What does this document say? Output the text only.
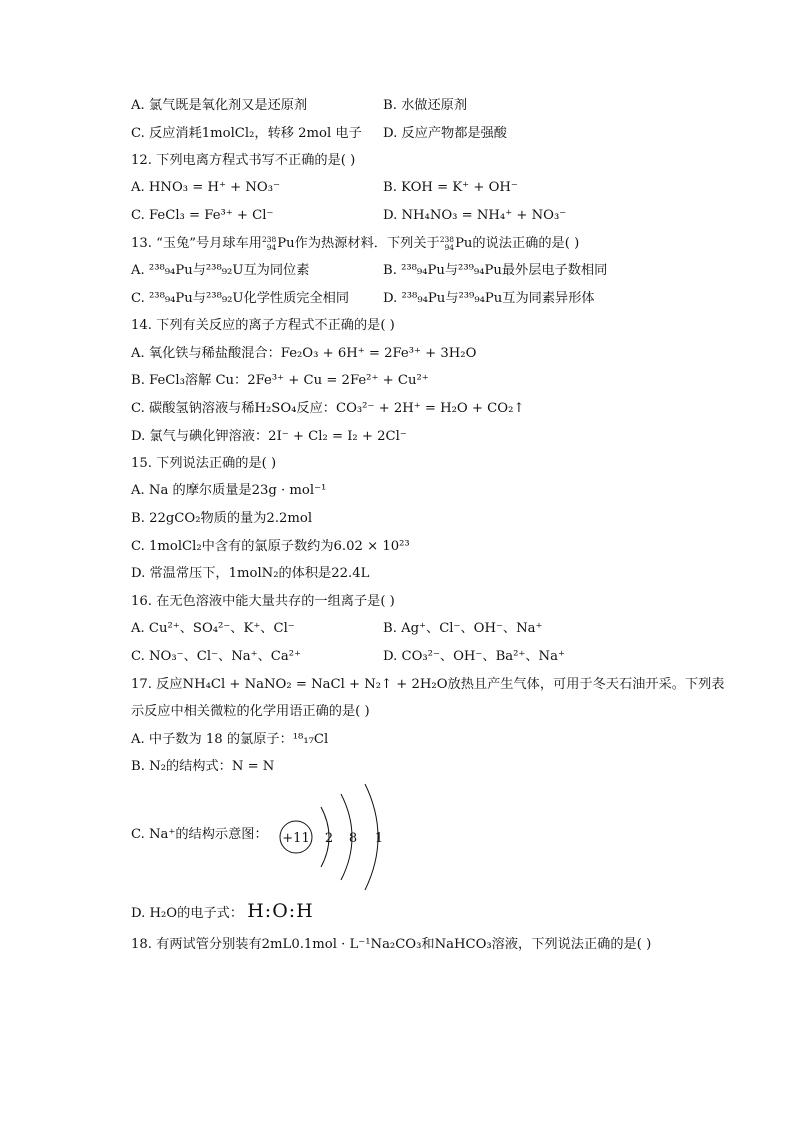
A. 氯气既是氧化剂又是还原剂	B. 水做还原剂
C. 反应消耗1molCl₂，转移 2mol 电子 D. 反应产物都是强酸
12. 下列电离方程式书写不正确的是( )
A. HNO₃ = H⁺ + NO₃⁻	B. KOH = K⁺ + OH⁻
C. FeCl₃ = Fe³⁺ + Cl⁻	D. NH₄NO₃ = NH₄⁺ + NO₃⁻
13. “玉兔”号月球车用 238
94 Pu作为热源材料．下列关于 238
94 Pu的说法正确的是( )
A. ²³⁸₉₄Pu与²³⁸₉₂U互为同位素	B. ²³⁸₉₄Pu与²³⁹₉₄Pu最外层电子数相同
C. ²³⁸₉₄Pu与²³⁸₉₂U化学性质完全相同	D. ²³⁸₉₄Pu与²³⁹₉₄Pu互为同素异形体
14. 下列有关反应的离子方程式不正确的是( )
A. 氧化铁与稀盐酸混合：Fe₂O₃ + 6H⁺ = 2Fe³⁺ + 3H₂O
B. FeCl₃溶解 Cu：2Fe³⁺ + Cu = 2Fe²⁺ + Cu²⁺
C. 碳酸氢钠溶液与稀H₂SO₄反应：CO₃²⁻ + 2H⁺ = H₂O + CO₂↑
D. 氯气与碘化钾溶液：2I⁻ + Cl₂ = I₂ + 2Cl⁻
15. 下列说法正确的是( )
A. Na 的摩尔质量是23g · mol⁻¹
B. 22gCO₂物质的量为2.2mol
C. 1molCl₂中含有的氯原子数约为6.02 × 10²³
D. 常温常压下，1molN₂的体积是22.4L
16. 在无色溶液中能大量共存的一组离子是( )
A. Cu²⁺、SO₄²⁻、K⁺、Cl⁻	B. Ag⁺、Cl⁻、OH⁻、Na⁺
C. NO₃⁻、Cl⁻、Na⁺、Ca²⁺	D. CO₃²⁻、OH⁻、Ba²⁺、Na⁺
17. 反应NH₄Cl + NaNO₂ = NaCl + N₂↑ + 2H₂O放热且产生气体，可用于冬天石油开采。下列表
示反应中相关微粒的化学用语正确的是( )
A. 中子数为 18 的氯原子：¹⁸₁₇Cl
B. N₂的结构式：N = N
C. Na⁺的结构示意图： +11 2 8 1
D. H₂O的电子式： H:O:H
18. 有两试管分别装有2mL0.1mol · L⁻¹Na₂CO₃和NaHCO₃溶液，下列说法正确的是( )
